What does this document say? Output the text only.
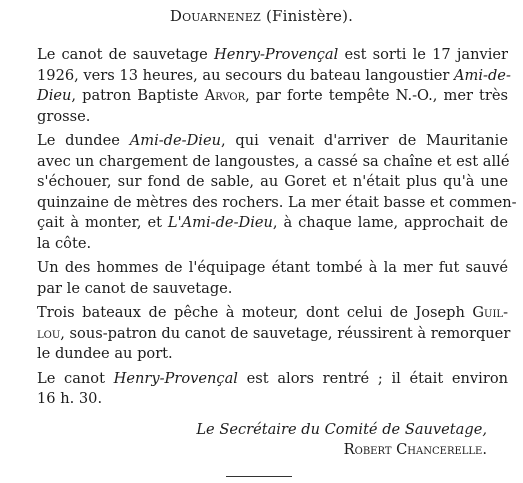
Douarnenez (Finistère).

Le canot de sauvetage Henry-Provençal est sorti le 17 janvier
1926, vers 13 heures, au secours du bateau langoustier Ami-de-
Dieu, patron Baptiste Arvor, par forte tempête N.-O., mer très
grosse.

Le dundee Ami-de-Dieu, qui venait d'arriver de Mauritanie
avec un chargement de langoustes, a cassé sa chaîne et est allé
s'échouer, sur fond de sable, au Goret et n'était plus qu'à une
quinzaine de mètres des rochers. La mer était basse et commen-
çait à monter, et L'Ami-de-Dieu, à chaque lame, approchait de
la côte.

Un des hommes de l'équipage étant tombé à la mer fut sauvé
par le canot de sauvetage.

Trois bateaux de pêche à moteur, dont celui de Joseph Guil-
lou, sous-patron du canot de sauvetage, réussirent à remorquer
le dundee au port.

Le canot Henry-Provençal est alors rentré ; il était environ
16 h. 30.

Le Secrétaire du Comité de Sauvetage,
Robert Chancerelle.
